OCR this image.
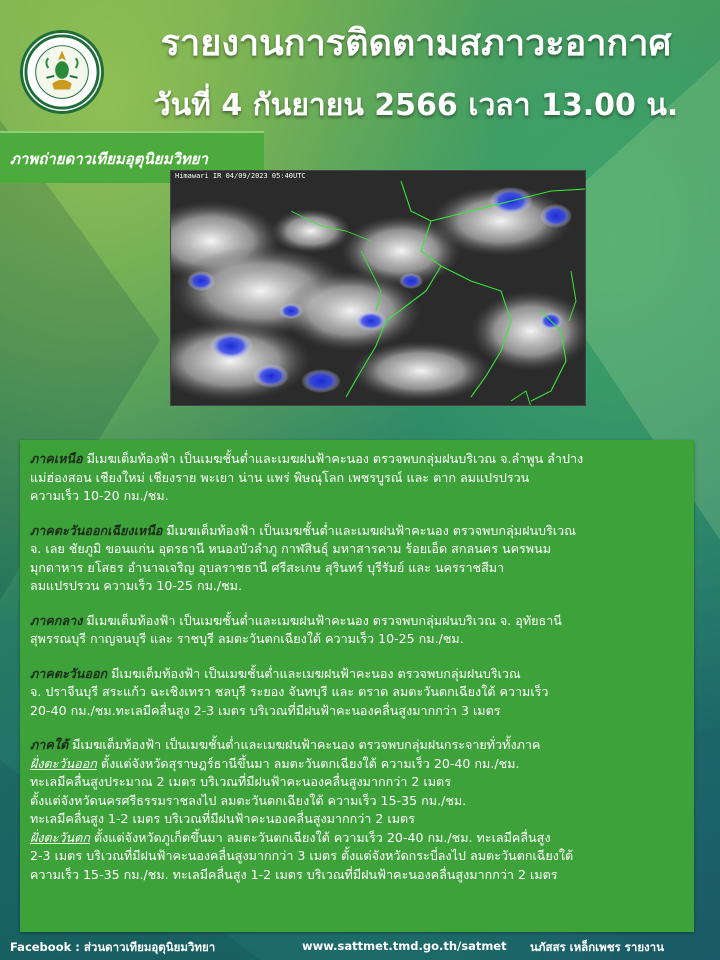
รายงานการติดตามสภาวะอากาศ
วันที่ 4 กันยายน 2566 เวลา 13.00 น.
ภาพถ่ายดาวเทียมอุตุนิยมวิทยา
Himawari IR 04/09/2023 05:40UTC

ภาคเหนือ มีเมฆเต็มท้องฟ้า เป็นเมฆชั้นต่ำและเมฆฝนฟ้าคะนอง ตรวจพบกลุ่มฝนบริเวณ จ.ลำพูน ลำปาง
แม่ฮ่องสอน เชียงใหม่ เชียงราย พะเยา น่าน แพร่ พิษณุโลก เพชรบูรณ์ และ ตาก ลมแปรปรวน
ความเร็ว 10-20 กม./ชม.

ภาคตะวันออกเฉียงเหนือ มีเมฆเต็มท้องฟ้า เป็นเมฆชั้นต่ำและเมฆฝนฟ้าคะนอง ตรวจพบกลุ่มฝนบริเวณ
จ. เลย ชัยภูมิ ขอนแก่น อุดรธานี หนองบัวลำภู กาฬสินธุ์ มหาสารคาม ร้อยเอ็ด สกลนคร นครพนม
มุกดาหาร ยโสธร อำนาจเจริญ อุบลราชธานี ศรีสะเกษ สุรินทร์ บุรีรัมย์ และ นครราชสีมา
ลมแปรปรวน ความเร็ว 10-25 กม./ชม.

ภาคกลาง มีเมฆเต็มท้องฟ้า เป็นเมฆชั้นต่ำและเมฆฝนฟ้าคะนอง ตรวจพบกลุ่มฝนบริเวณ จ. อุทัยธานี
สุพรรณบุรี กาญจนบุรี และ ราชบุรี ลมตะวันตกเฉียงใต้ ความเร็ว 10-25 กม./ชม.

ภาคตะวันออก มีเมฆเต็มท้องฟ้า เป็นเมฆชั้นต่ำและเมฆฝนฟ้าคะนอง ตรวจพบกลุ่มฝนบริเวณ
จ. ปราจีนบุรี สระแก้ว ฉะเชิงเทรา ชลบุรี ระยอง จันทบุรี และ ตราด ลมตะวันตกเฉียงใต้ ความเร็ว
20-40 กม./ชม.ทะเลมีคลื่นสูง 2-3 เมตร บริเวณที่มีฝนฟ้าคะนองคลื่นสูงมากกว่า 3 เมตร

ภาคใต้ มีเมฆเต็มท้องฟ้า เป็นเมฆชั้นต่ำและเมฆฝนฟ้าคะนอง ตรวจพบกลุ่มฝนกระจายทั่วทั้งภาค
ฝั่งตะวันออก ตั้งแต่จังหวัดสุราษฎร์ธานีขึ้นมา ลมตะวันตกเฉียงใต้ ความเร็ว 20-40 กม./ชม.
ทะเลมีคลื่นสูงประมาณ 2 เมตร บริเวณที่มีฝนฟ้าคะนองคลื่นสูงมากกว่า 2 เมตร
ตั้งแต่จังหวัดนครศรีธรรมราชลงไป ลมตะวันตกเฉียงใต้ ความเร็ว 15-35 กม./ชม.
ทะเลมีคลื่นสูง 1-2 เมตร บริเวณที่มีฝนฟ้าคะนองคลื่นสูงมากกว่า 2 เมตร
ฝั่งตะวันตก ตั้งแต่จังหวัดภูเก็ตขึ้นมา ลมตะวันตกเฉียงใต้ ความเร็ว 20-40 กม./ชม. ทะเลมีคลื่นสูง
2-3 เมตร บริเวณที่มีฝนฟ้าคะนองคลื่นสูงมากกว่า 3 เมตร ตั้งแต่จังหวัดกระบี่ลงไป ลมตะวันตกเฉียงใต้
ความเร็ว 15-35 กม./ชม. ทะเลมีคลื่นสูง 1-2 เมตร บริเวณที่มีฝนฟ้าคะนองคลื่นสูงมากกว่า 2 เมตร

Facebook : ส่วนดาวเทียมอุตุนิยมวิทยา	www.sattmet.tmd.go.th/satmet นภัสสร เหล็กเพชร รายงาน
